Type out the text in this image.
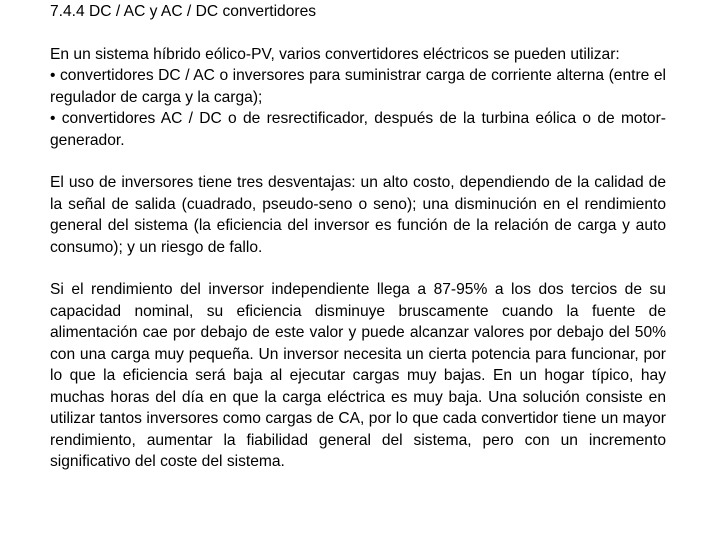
7.4.4 DC / AC y AC / DC convertidores
En un sistema híbrido eólico-PV, varios convertidores eléctricos se pueden utilizar:
• convertidores DC / AC o inversores para suministrar carga de corriente alterna (entre el regulador de carga y la carga);
• convertidores AC / DC o de resrectificador, después de la turbina eólica o de motor-generador.

El uso de inversores tiene tres desventajas: un alto costo, dependiendo de la calidad de la señal de salida (cuadrado, pseudo-seno o seno); una disminución en el rendimiento general del sistema (la eficiencia del inversor es función de la relación de carga y auto consumo); y un riesgo de fallo.

Si el rendimiento del inversor independiente llega a 87-95% a los dos tercios de su capacidad nominal, su eficiencia disminuye bruscamente cuando la fuente de alimentación cae por debajo de este valor y puede alcanzar valores por debajo del 50% con una carga muy pequeña. Un inversor necesita un cierta potencia para funcionar, por lo que la eficiencia será baja al ejecutar cargas muy bajas. En un hogar típico, hay muchas horas del día en que la carga eléctrica es muy baja. Una solución consiste en utilizar tantos inversores como cargas de CA, por lo que cada convertidor tiene un mayor rendimiento, aumentar la fiabilidad general del sistema, pero con un incremento significativo del coste del sistema.
